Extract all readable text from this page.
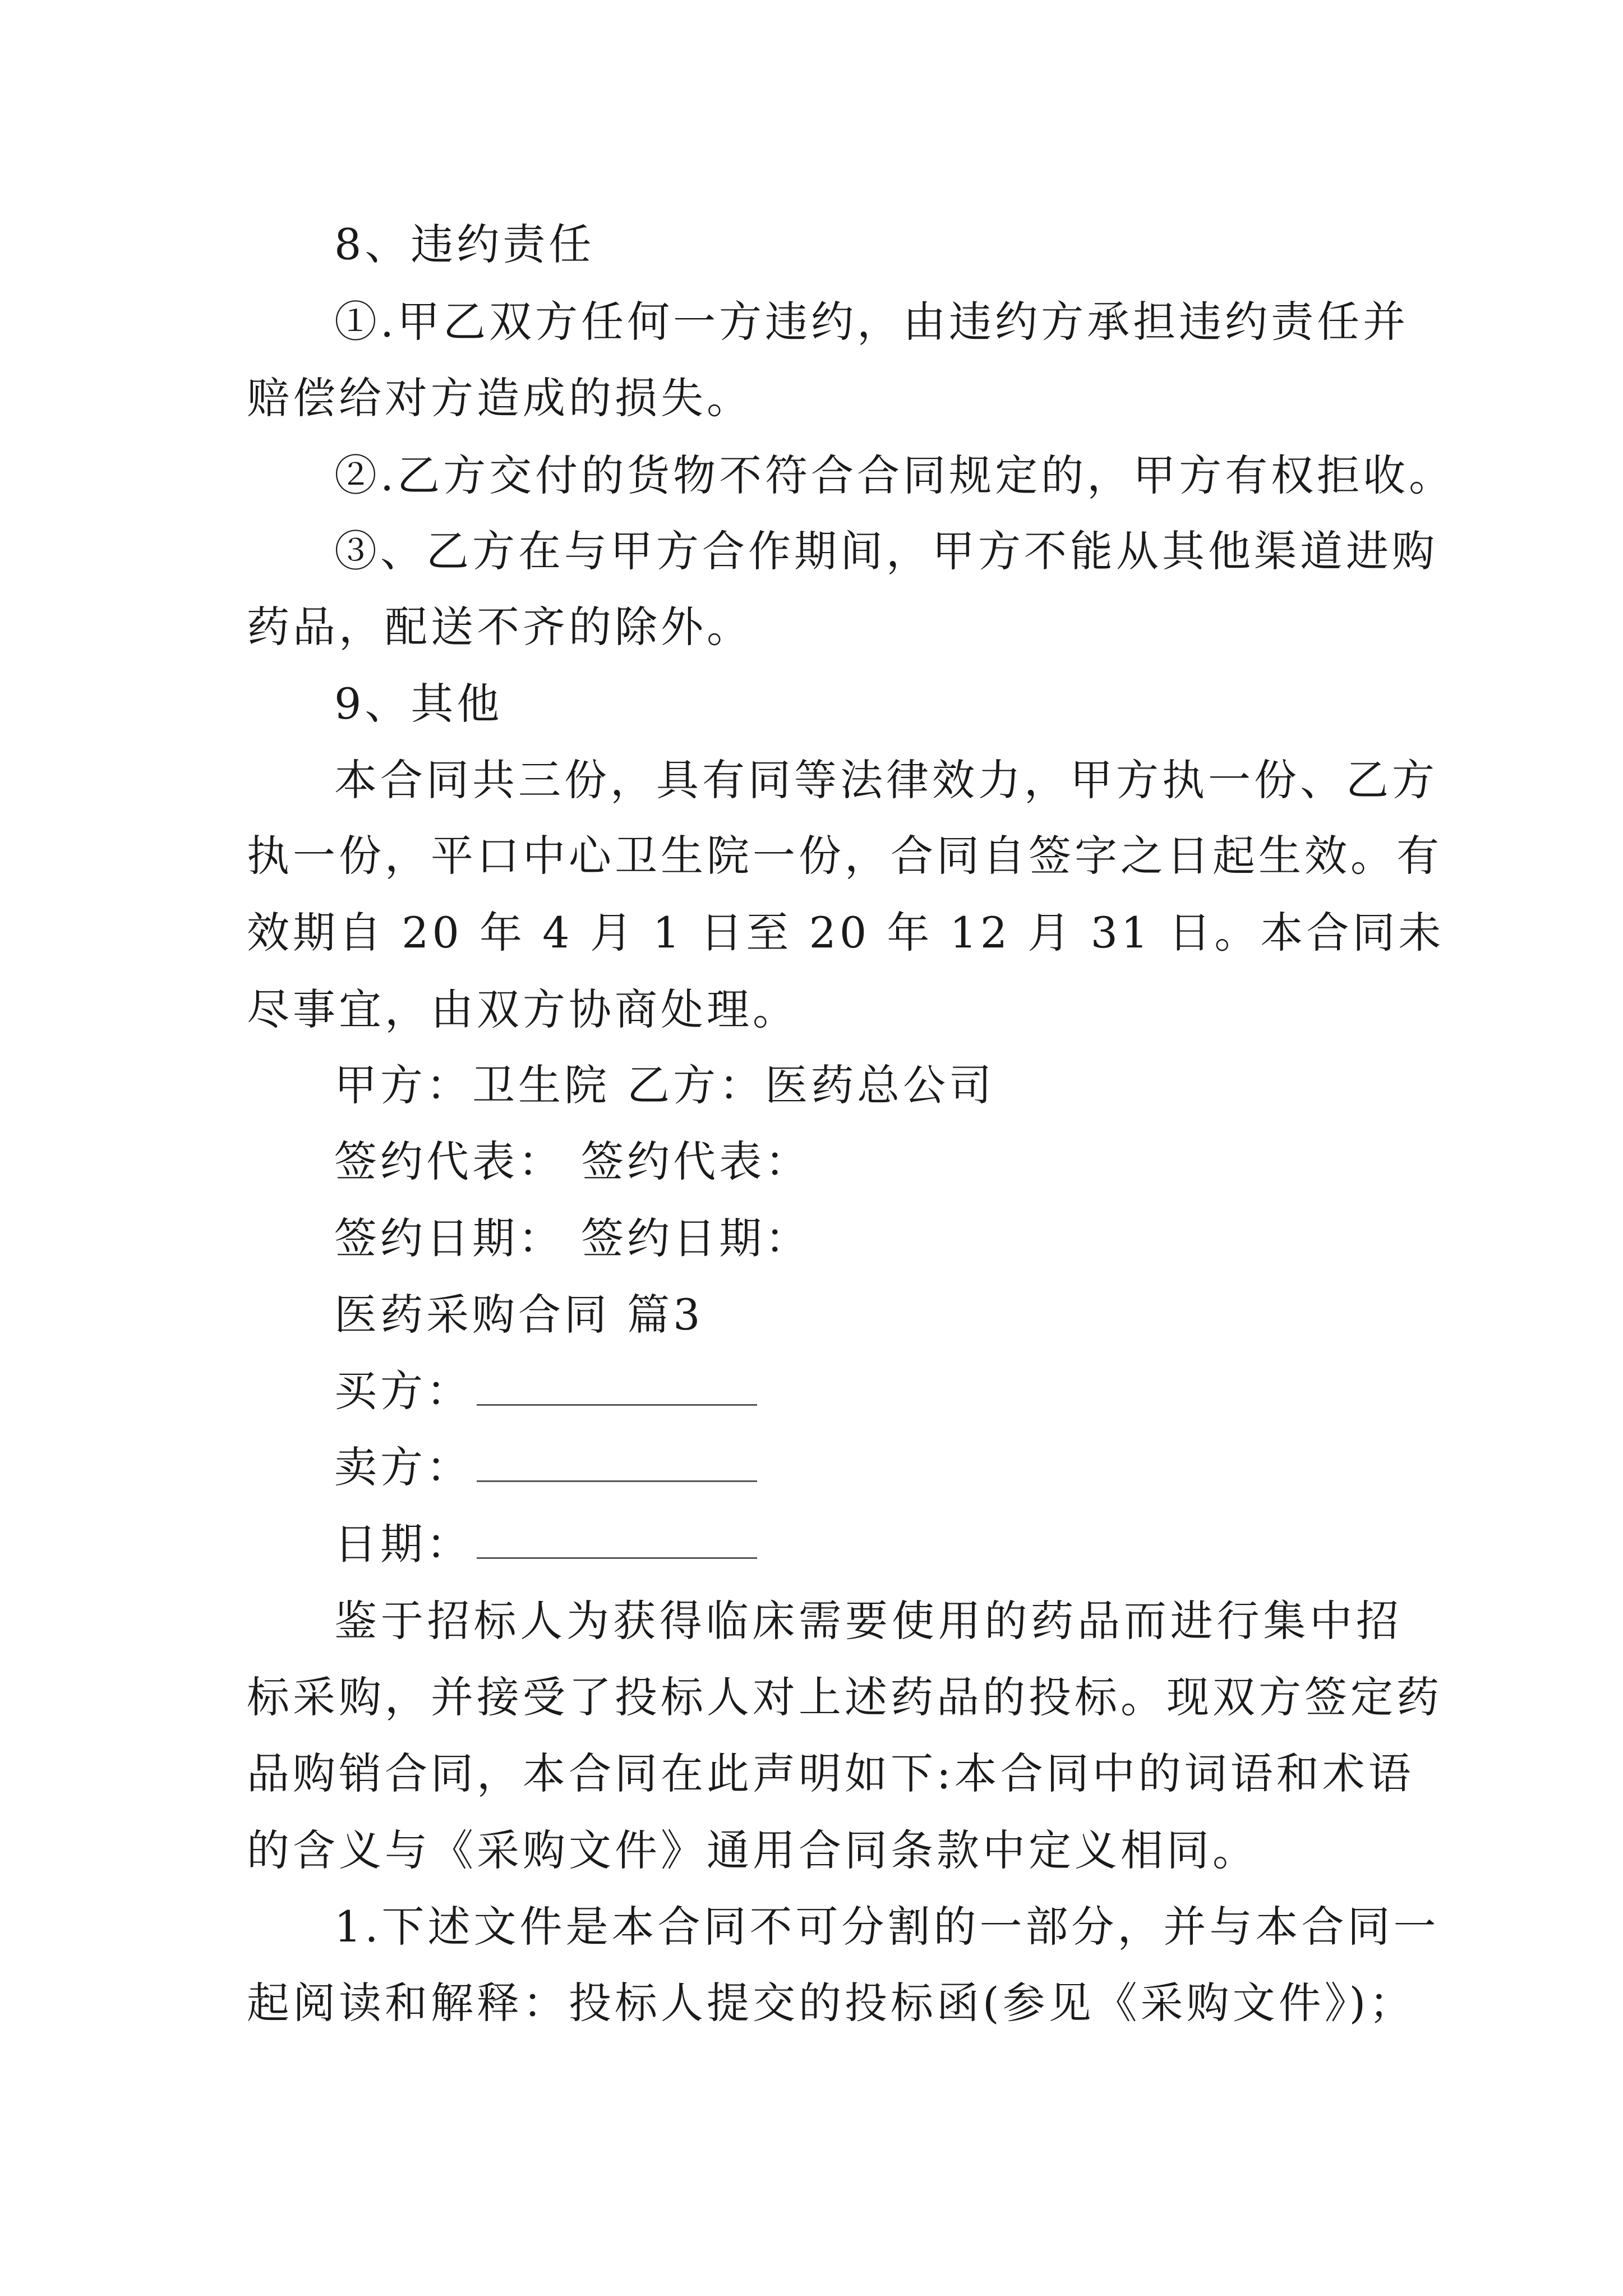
8、违约责任
①.甲乙双方任何一方违约，由违约方承担违约责任并
赔偿给对方造成的损失。
②.乙方交付的货物不符合合同规定的，甲方有权拒收。
③、乙方在与甲方合作期间，甲方不能从其他渠道进购
药品，配送不齐的除外。
9、其他
本合同共三份，具有同等法律效力，甲方执一份、乙方
执一份，平口中心卫生院一份，合同自签字之日起生效。有
效期自 20 年 4 月 1 日至 20 年 12 月 31 日。本合同未
尽事宜，由双方协商处理。
甲方：卫生院 乙方：医药总公司
签约代表： 签约代表：
签约日期： 签约日期：
医药采购合同 篇3
买方：
卖方：
日期：
鉴于招标人为获得临床需要使用的药品而进行集中招
标采购，并接受了投标人对上述药品的投标。现双方签定药
品购销合同，本合同在此声明如下:本合同中的词语和术语
的含义与《采购文件》通用合同条款中定义相同。
1.下述文件是本合同不可分割的一部分，并与本合同一
起阅读和解释：投标人提交的投标函(参见《采购文件》)；
